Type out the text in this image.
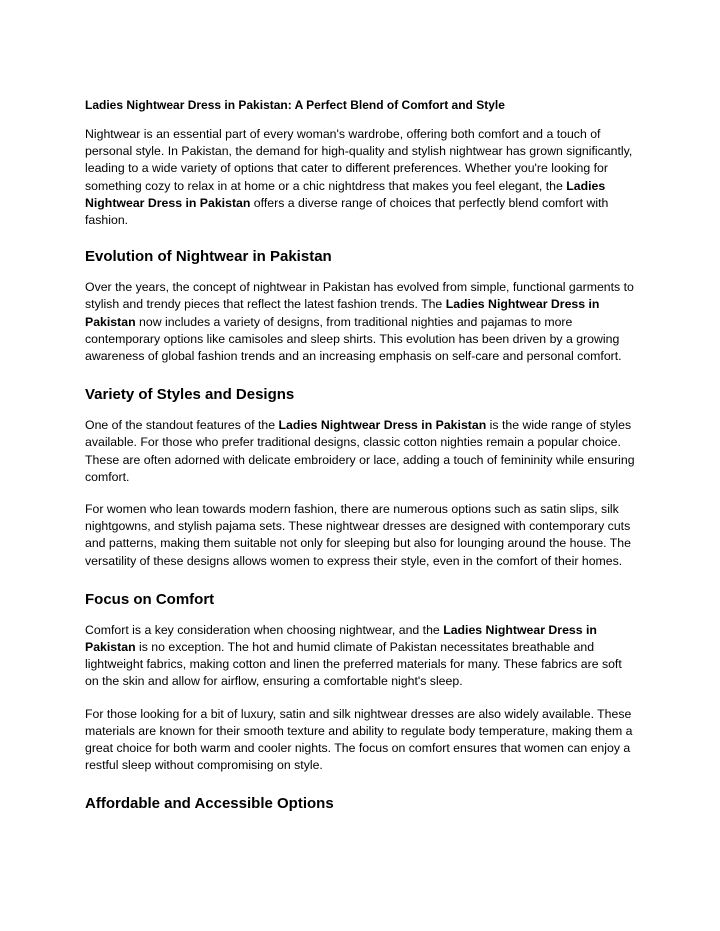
Ladies Nightwear Dress in Pakistan: A Perfect Blend of Comfort and Style

Nightwear is an essential part of every woman's wardrobe, offering both comfort and a touch of personal style. In Pakistan, the demand for high-quality and stylish nightwear has grown significantly, leading to a wide variety of options that cater to different preferences. Whether you're looking for something cozy to relax in at home or a chic nightdress that makes you feel elegant, the Ladies Nightwear Dress in Pakistan offers a diverse range of choices that perfectly blend comfort with fashion.

Evolution of Nightwear in Pakistan

Over the years, the concept of nightwear in Pakistan has evolved from simple, functional garments to stylish and trendy pieces that reflect the latest fashion trends. The Ladies Nightwear Dress in Pakistan now includes a variety of designs, from traditional nighties and pajamas to more contemporary options like camisoles and sleep shirts. This evolution has been driven by a growing awareness of global fashion trends and an increasing emphasis on self-care and personal comfort.

Variety of Styles and Designs

One of the standout features of the Ladies Nightwear Dress in Pakistan is the wide range of styles available. For those who prefer traditional designs, classic cotton nighties remain a popular choice. These are often adorned with delicate embroidery or lace, adding a touch of femininity while ensuring comfort.

For women who lean towards modern fashion, there are numerous options such as satin slips, silk nightgowns, and stylish pajama sets. These nightwear dresses are designed with contemporary cuts and patterns, making them suitable not only for sleeping but also for lounging around the house. The versatility of these designs allows women to express their style, even in the comfort of their homes.

Focus on Comfort

Comfort is a key consideration when choosing nightwear, and the Ladies Nightwear Dress in Pakistan is no exception. The hot and humid climate of Pakistan necessitates breathable and lightweight fabrics, making cotton and linen the preferred materials for many. These fabrics are soft on the skin and allow for airflow, ensuring a comfortable night's sleep.

For those looking for a bit of luxury, satin and silk nightwear dresses are also widely available. These materials are known for their smooth texture and ability to regulate body temperature, making them a great choice for both warm and cooler nights. The focus on comfort ensures that women can enjoy a restful sleep without compromising on style.

Affordable and Accessible Options
